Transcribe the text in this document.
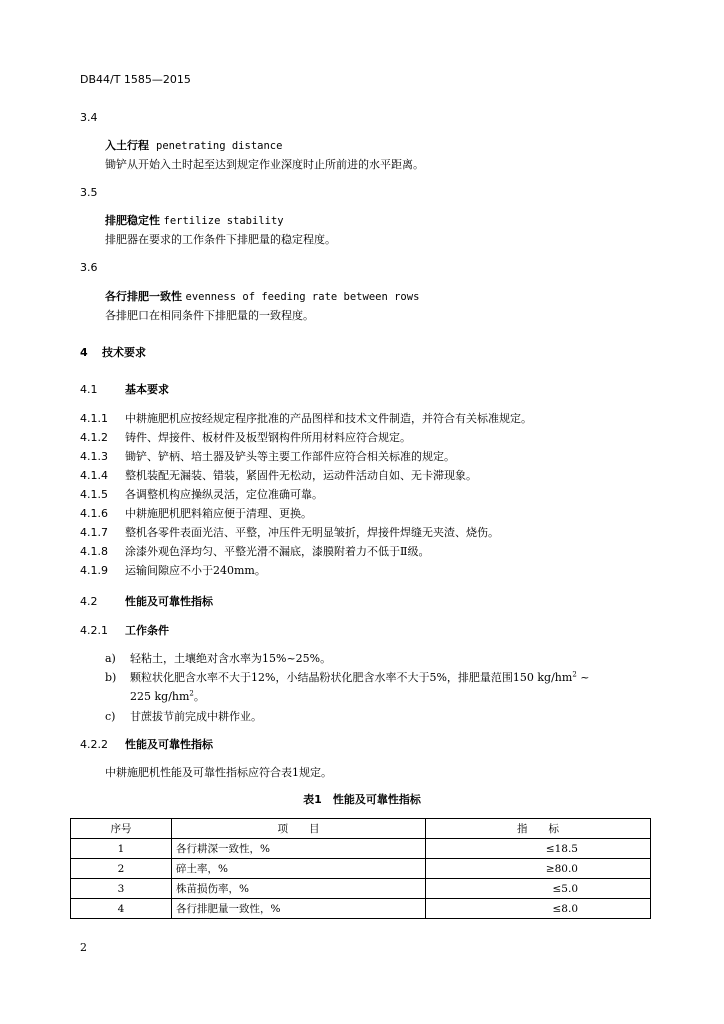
DB44/T 1585—2015
3.4
入土行程 penetrating distance
锄铲从开始入土时起至达到规定作业深度时止所前进的水平距离。
3.5
排肥稳定性 fertilize stability
排肥器在要求的工作条件下排肥量的稳定程度。
3.6
各行排肥一致性 evenness of feeding rate between rows
各排肥口在相同条件下排肥量的一致程度。
4 技术要求
4.1	基本要求
4.1.1 中耕施肥机应按经规定程序批准的产品图样和技术文件制造，并符合有关标准规定。
4.1.2 铸件、焊接件、板材件及板型钢构件所用材料应符合规定。
4.1.3 锄铲、铲柄、培土器及铲头等主要工作部件应符合相关标准的规定。
4.1.4 整机装配无漏装、错装，紧固件无松动，运动件活动自如、无卡滞现象。
4.1.5 各调整机构应操纵灵活，定位准确可靠。
4.1.6 中耕施肥机肥料箱应便于清理、更换。
4.1.7 整机各零件表面光洁、平整，冲压件无明显皱折，焊接件焊缝无夹渣、烧伤。
4.1.8 涂漆外观色泽均匀、平整光滑不漏底，漆膜附着力不低于Ⅱ级。
4.1.9 运输间隙应不小于240mm。
4.2	性能及可靠性指标
4.2.1 工作条件
a) 轻粘土，土壤绝对含水率为15%~25%。
b) 颗粒状化肥含水率不大于12%，小结晶粉状化肥含水率不大于5%，排肥量范围150 $kg/hm^2$ ~
225 $kg/hm^2$。
c) 甘蔗拔节前完成中耕作业。
4.2.2 性能及可靠性指标
中耕施肥机性能及可靠性指标应符合表1规定。
表1　性能及可靠性指标
序号	项　　目	指　　标
1	各行耕深一致性，%	≤18.5
2	碎土率，%	≥80.0
3	株苗损伤率，%	≤5.0
4	各行排肥量一致性，%	≤8.0
2
